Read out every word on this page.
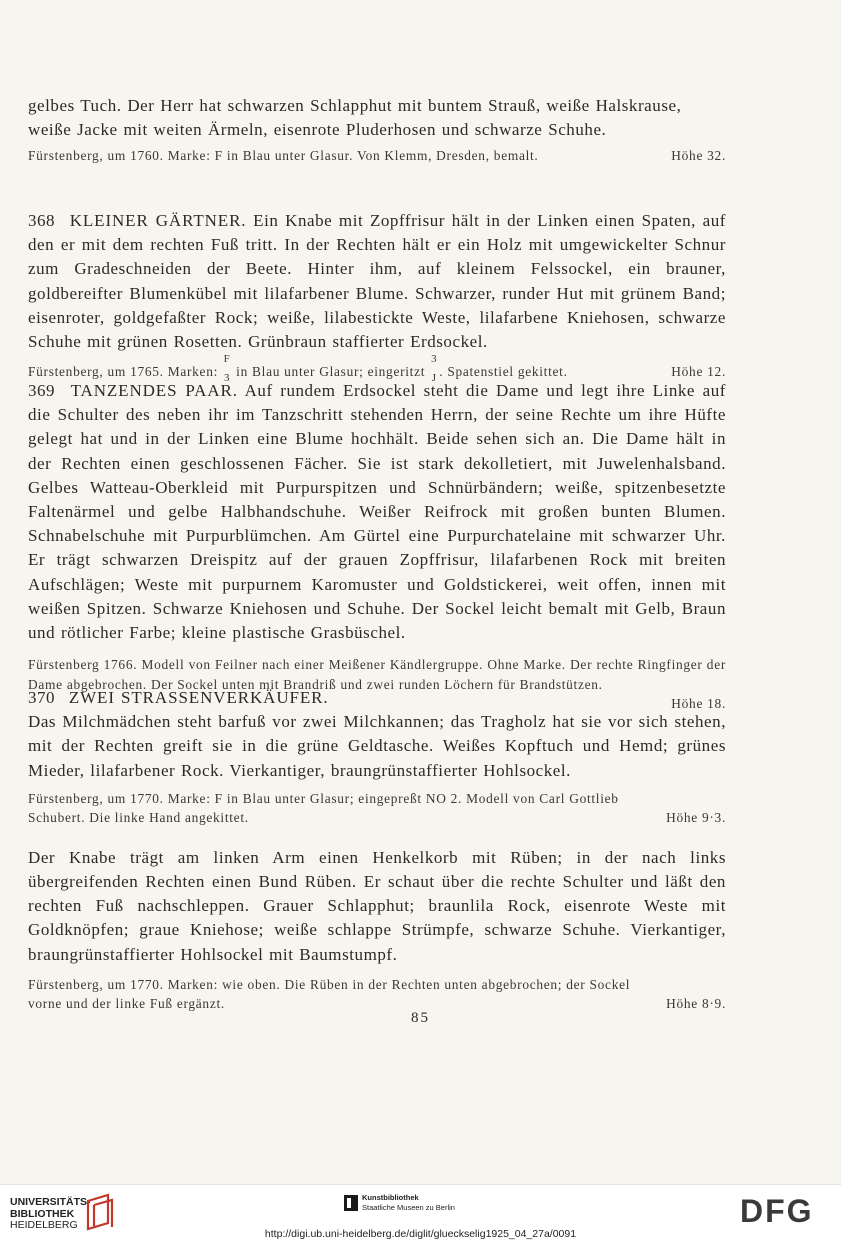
gelbes Tuch. Der Herr hat schwarzen Schlapphut mit buntem Strauß, weiße Halskrause,

weiße Jacke mit weiten Ärmeln, eisenrote Pluderhosen und schwarze Schuhe.

Fürstenberg, um 1760. Marke: F in Blau unter Glasur. Von Klemm, Dresden, bemalt.	Höhe 32.

368 KLEINER GÄRTNER. Ein Knabe mit Zopffrisur hält in der Linken einen Spaten, auf den er mit dem rechten Fuß tritt. In der Rechten hält er ein Holz mit umgewickelter Schnur zum Gradeschneiden der Beete. Hinter ihm, auf kleinem Felssockel, ein brauner, goldbereifter Blumenkübel mit lilafarbener Blume. Schwarzer, runder Hut mit grünem Band; eisenroter, goldgefaßter Rock; weiße, lilabestickte Weste, lilafarbene Kniehosen, schwarze Schuhe mit grünen Rosetten. Grünbraun staffierter Erdsockel.

Fürstenberg, um 1765. Marken:
F
3 in Blau unter Glasur; eingeritzt
3
J . Spatenstiel gekittet.	Höhe 12.

369 TANZENDES PAAR. Auf rundem Erdsockel steht die Dame und legt ihre Linke auf die Schulter des neben ihr im Tanzschritt stehenden Herrn, der seine Rechte um ihre Hüfte gelegt hat und in der Linken eine Blume hochhält. Beide sehen sich an. Die Dame hält in der Rechten einen geschlossenen Fächer. Sie ist stark dekolletiert, mit Juwelenhalsband. Gelbes Watteau-Oberkleid mit Purpurspitzen und Schnürbändern; weiße, spitzenbesetzte Faltenärmel und gelbe Halbhandschuhe. Weißer Reifrock mit großen bunten Blumen. Schnabelschuhe mit Purpurblümchen. Am Gürtel eine Purpurchatelaine mit schwarzer Uhr. Er trägt schwarzen Dreispitz auf der grauen Zopffrisur, lilafarbenen Rock mit breiten Aufschlägen; Weste mit purpurnem Karomuster und Goldstickerei, weit offen, innen mit weißen Spitzen. Schwarze Kniehosen und Schuhe. Der Sockel leicht bemalt mit Gelb, Braun und rötlicher Farbe; kleine plastische Grasbüschel.

Fürstenberg 1766. Modell von Feilner nach einer Meißener Kändlergruppe. Ohne Marke. Der rechte Ringfinger der Dame abgebrochen. Der Sockel unten mit Brandriß und zwei runden Löchern für Brandstützen.

Höhe 18.

370 ZWEI STRASSENVERKÄUFER.
Das Milchmädchen steht barfuß vor zwei Milchkannen; das Tragholz hat sie vor sich stehen, mit der Rechten greift sie in die grüne Geldtasche. Weißes Kopftuch und Hemd; grünes Mieder, lilafarbener Rock. Vierkantiger, braungrünstaffierter Hohlsockel.

Fürstenberg, um 1770. Marke: F in Blau unter Glasur; eingepreßt NO 2. Modell von Carl Gottlieb

Schubert. Die linke Hand angekittet.	Höhe 9·3.

Der Knabe trägt am linken Arm einen Henkelkorb mit Rüben; in der nach links übergreifenden Rechten einen Bund Rüben. Er schaut über die rechte Schulter und läßt den rechten Fuß nachschleppen. Grauer Schlapphut; braunlila Rock, eisenrote Weste mit Goldknöpfen; graue Kniehose; weiße schlappe Strümpfe, schwarze Schuhe. Vierkantiger, braungrünstaffierter Hohlsockel mit Baumstumpf.

Fürstenberg, um 1770. Marken: wie oben. Die Rüben in der Rechten unten abgebrochen; der Sockel

vorne und der linke Fuß ergänzt.	Höhe 8·9.
85
UNIVERSITÄTS-
BIBLIOTHEK
HEIDELBERG
Kunstbibliothek
Staatliche Museen zu Berlin	DFG
http://digi.ub.uni-heidelberg.de/diglit/glueckselig1925_04_27a/0091
